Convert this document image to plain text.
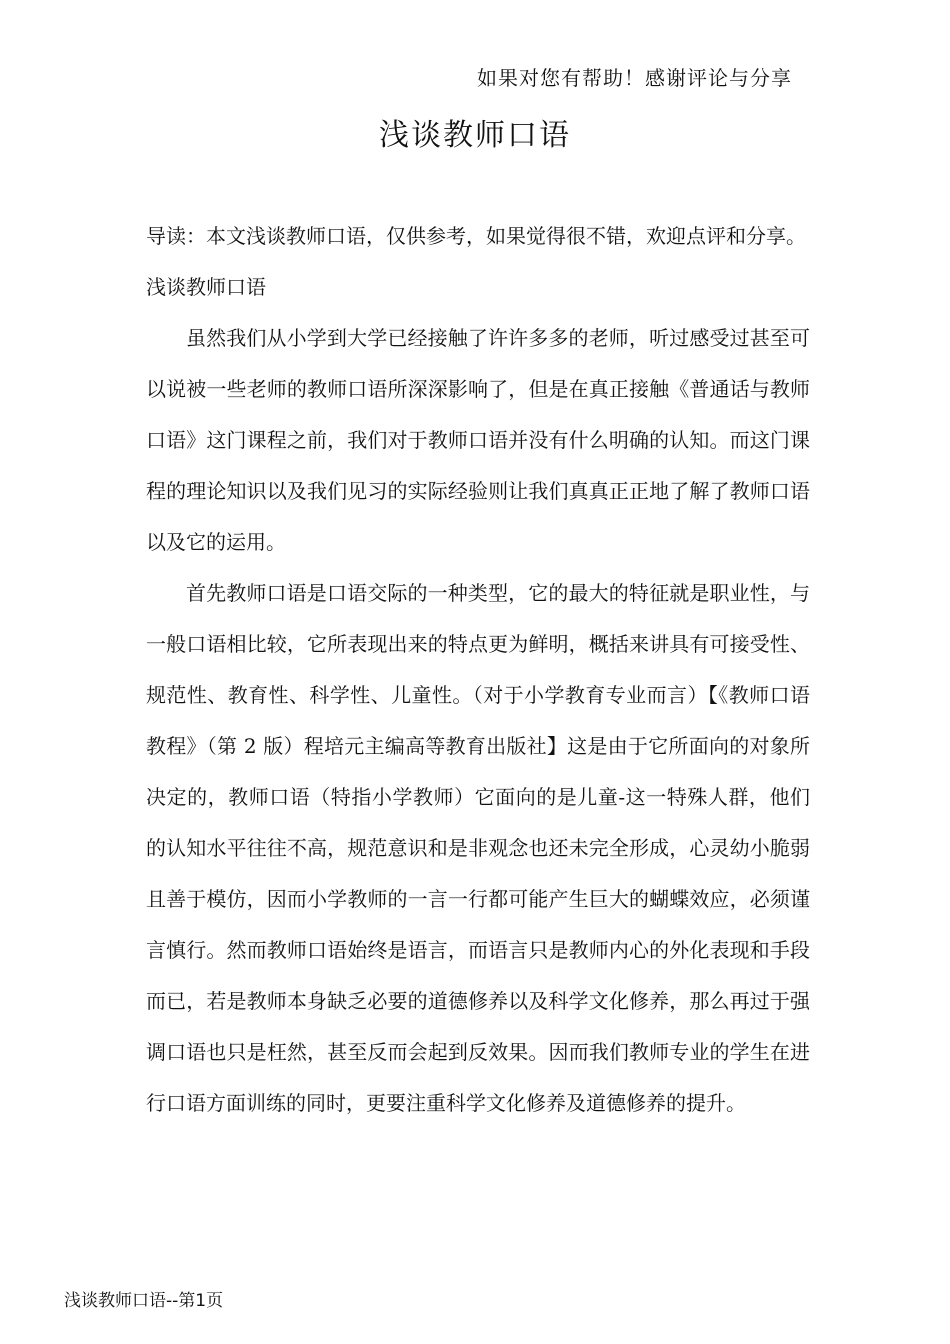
如果对您有帮助！感谢评论与分享
浅谈教师口语

导读：本文浅谈教师口语，仅供参考，如果觉得很不错，欢迎点评和分享。

浅谈教师口语

虽然我们从小学到大学已经接触了许许多多的老师，听过感受过甚至可以说被一些老师的教师口语所深深影响了，但是在真正接触《普通话与教师口语》这门课程之前，我们对于教师口语并没有什么明确的认知。而这门课程的理论知识以及我们见习的实际经验则让我们真真正正地了解了教师口语以及它的运用。

首先教师口语是口语交际的一种类型，它的最大的特征就是职业性，与一般口语相比较，它所表现出来的特点更为鲜明，概括来讲具有可接受性、规范性、教育性、科学性、儿童性。（对于小学教育专业而言）【《教师口语教程》（第 2 版）程培元主编高等教育出版社】这是由于它所面向的对象所决定的，教师口语（特指小学教师）它面向的是儿童-这一特殊人群，他们的认知水平往往不高，规范意识和是非观念也还未完全形成，心灵幼小脆弱且善于模仿，因而小学教师的一言一行都可能产生巨大的蝴蝶效应，必须谨言慎行。然而教师口语始终是语言，而语言只是教师内心的外化表现和手段而已，若是教师本身缺乏必要的道德修养以及科学文化修养，那么再过于强调口语也只是枉然，甚至反而会起到反效果。因而我们教师专业的学生在进行口语方面训练的同时，更要注重科学文化修养及道德修养的提升。

浅谈教师口语--第1页
